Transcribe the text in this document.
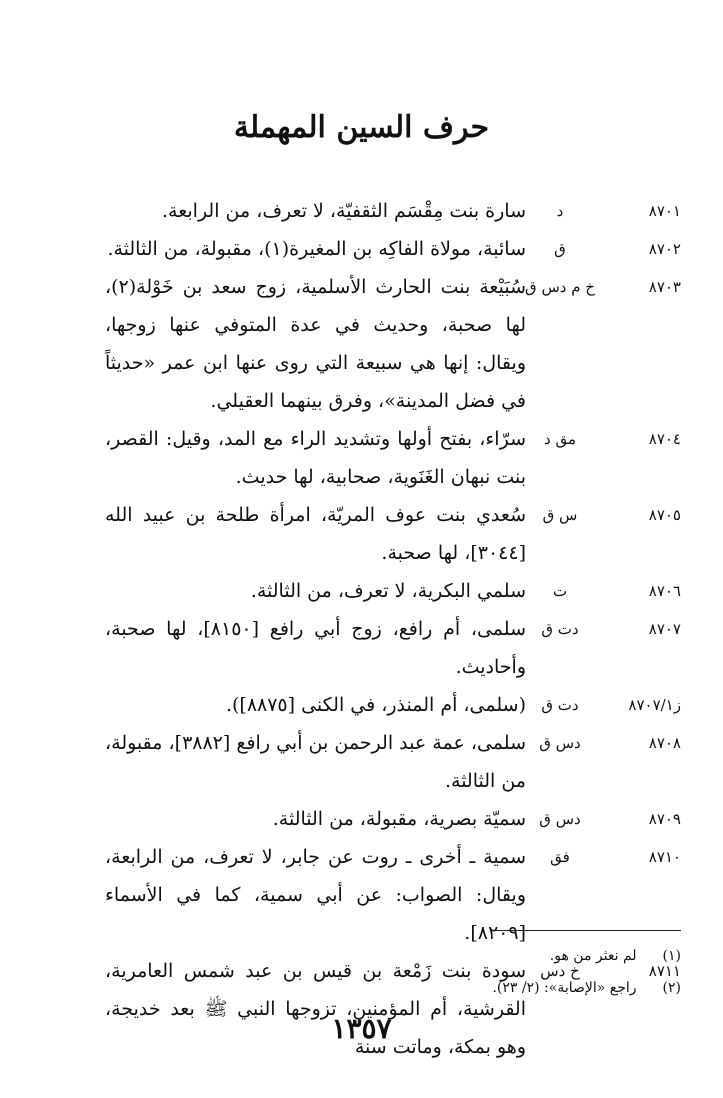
حرف السين المهملة
٨٧٠١
د
سارة بنت مِقْسَم الثقفيّة، لا تعرف، من الرابعة.
٨٧٠٢
ق
سائبة، مولاة الفاكِه بن المغيرة(١)، مقبولة، من الثالثة.
٨٧٠٣
خ م دس ق
سُبَيْعة بنت الحارث الأسلمية، زوج سعد بن خَوْلة(٢)، لها صحبة، وحديث في عدة المتوفي عنها زوجها، ويقال: إنها هي سبيعة التي روى عنها ابن عمر «حديثاً في فضل المدينة»، وفرق بينهما العقيلي.
٨٧٠٤
مق د
سرّاء، بفتح أولها وتشديد الراء مع المد، وقيل: القصر، بنت نبهان الغَنَوية، صحابية، لها حديث.
٨٧٠٥
س ق
سُعدي بنت عوف المريّة، امرأة طلحة بن عبيد الله [٣٠٤٤]، لها صحبة.
٨٧٠٦
ت
سلمي البكرية، لا تعرف، من الثالثة.
٨٧٠٧
دت ق
سلمى، أم رافع، زوج أبي رافع [٨١٥٠]، لها صحبة، وأحاديث.
ز٨٧٠٧/١
دت ق
(سلمى، أم المنذر، في الكنى [٨٨٧٥]).
٨٧٠٨
دس ق
سلمى، عمة عبد الرحمن بن أبي رافع [٣٨٨٢]، مقبولة، من الثالثة.
٨٧٠٩
دس ق
سميّة بصرية، مقبولة، من الثالثة.
٨٧١٠
فق
سمية ـ أخرى ـ روت عن جابر، لا تعرف، من الرابعة، ويقال: الصواب: عن أبي سمية، كما في الأسماء [٨٢٠٩].
٨٧١١
خ دس
سودة بنت زَمْعة بن قيس بن عبد شمس العامرية، القرشية، أم المؤمنين، تزوجها النبي ﷺ بعد خديجة، وهو بمكة، وماتت سنة
(١) لم نعثر من هو.
(٢) راجع «الإصابة»: (٢/ ٢٣).
١٣٥٧
